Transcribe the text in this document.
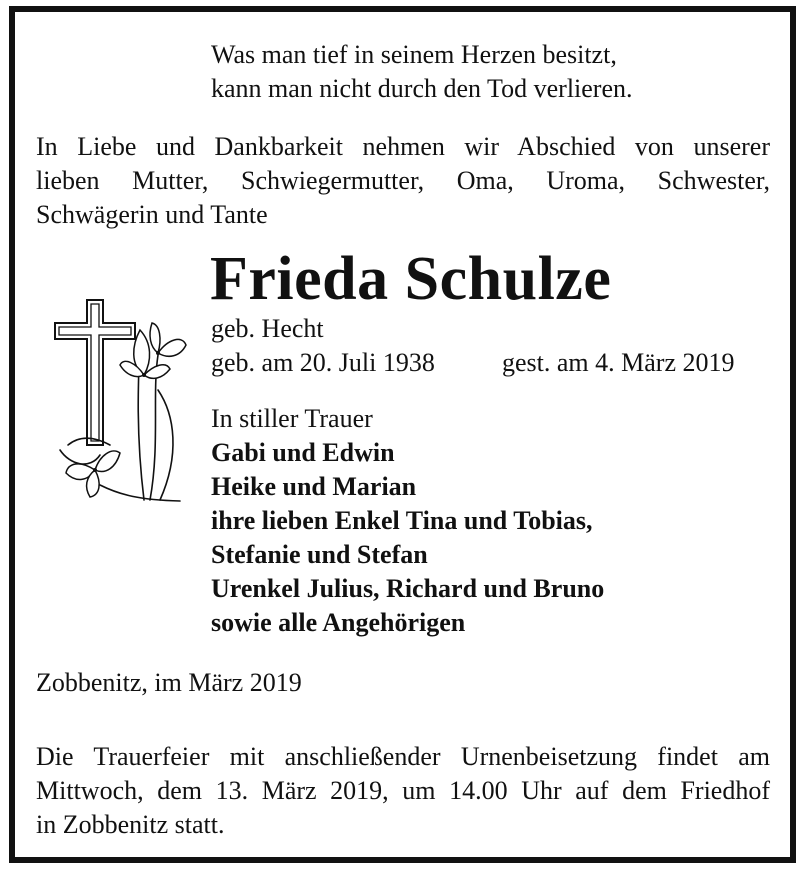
Was man tief in seinem Herzen besitzt,
kann man nicht durch den Tod verlieren.
In Liebe und Dankbarkeit nehmen wir Abschied von unserer
lieben Mutter, Schwiegermutter, Oma, Uroma, Schwester,
Schwägerin und Tante
Frieda Schulze
geb. Hecht
geb. am 20. Juli 1938	gest. am 4. März 2019
In stiller Trauer
Gabi und Edwin
Heike und Marian
ihre lieben Enkel Tina und Tobias,
Stefanie und Stefan
Urenkel Julius, Richard und Bruno
sowie alle Angehörigen
Zobbenitz, im März 2019
Die Trauerfeier mit anschließender Urnenbeisetzung findet am
Mittwoch, dem 13. März 2019, um 14.00 Uhr auf dem Friedhof
in Zobbenitz statt.
